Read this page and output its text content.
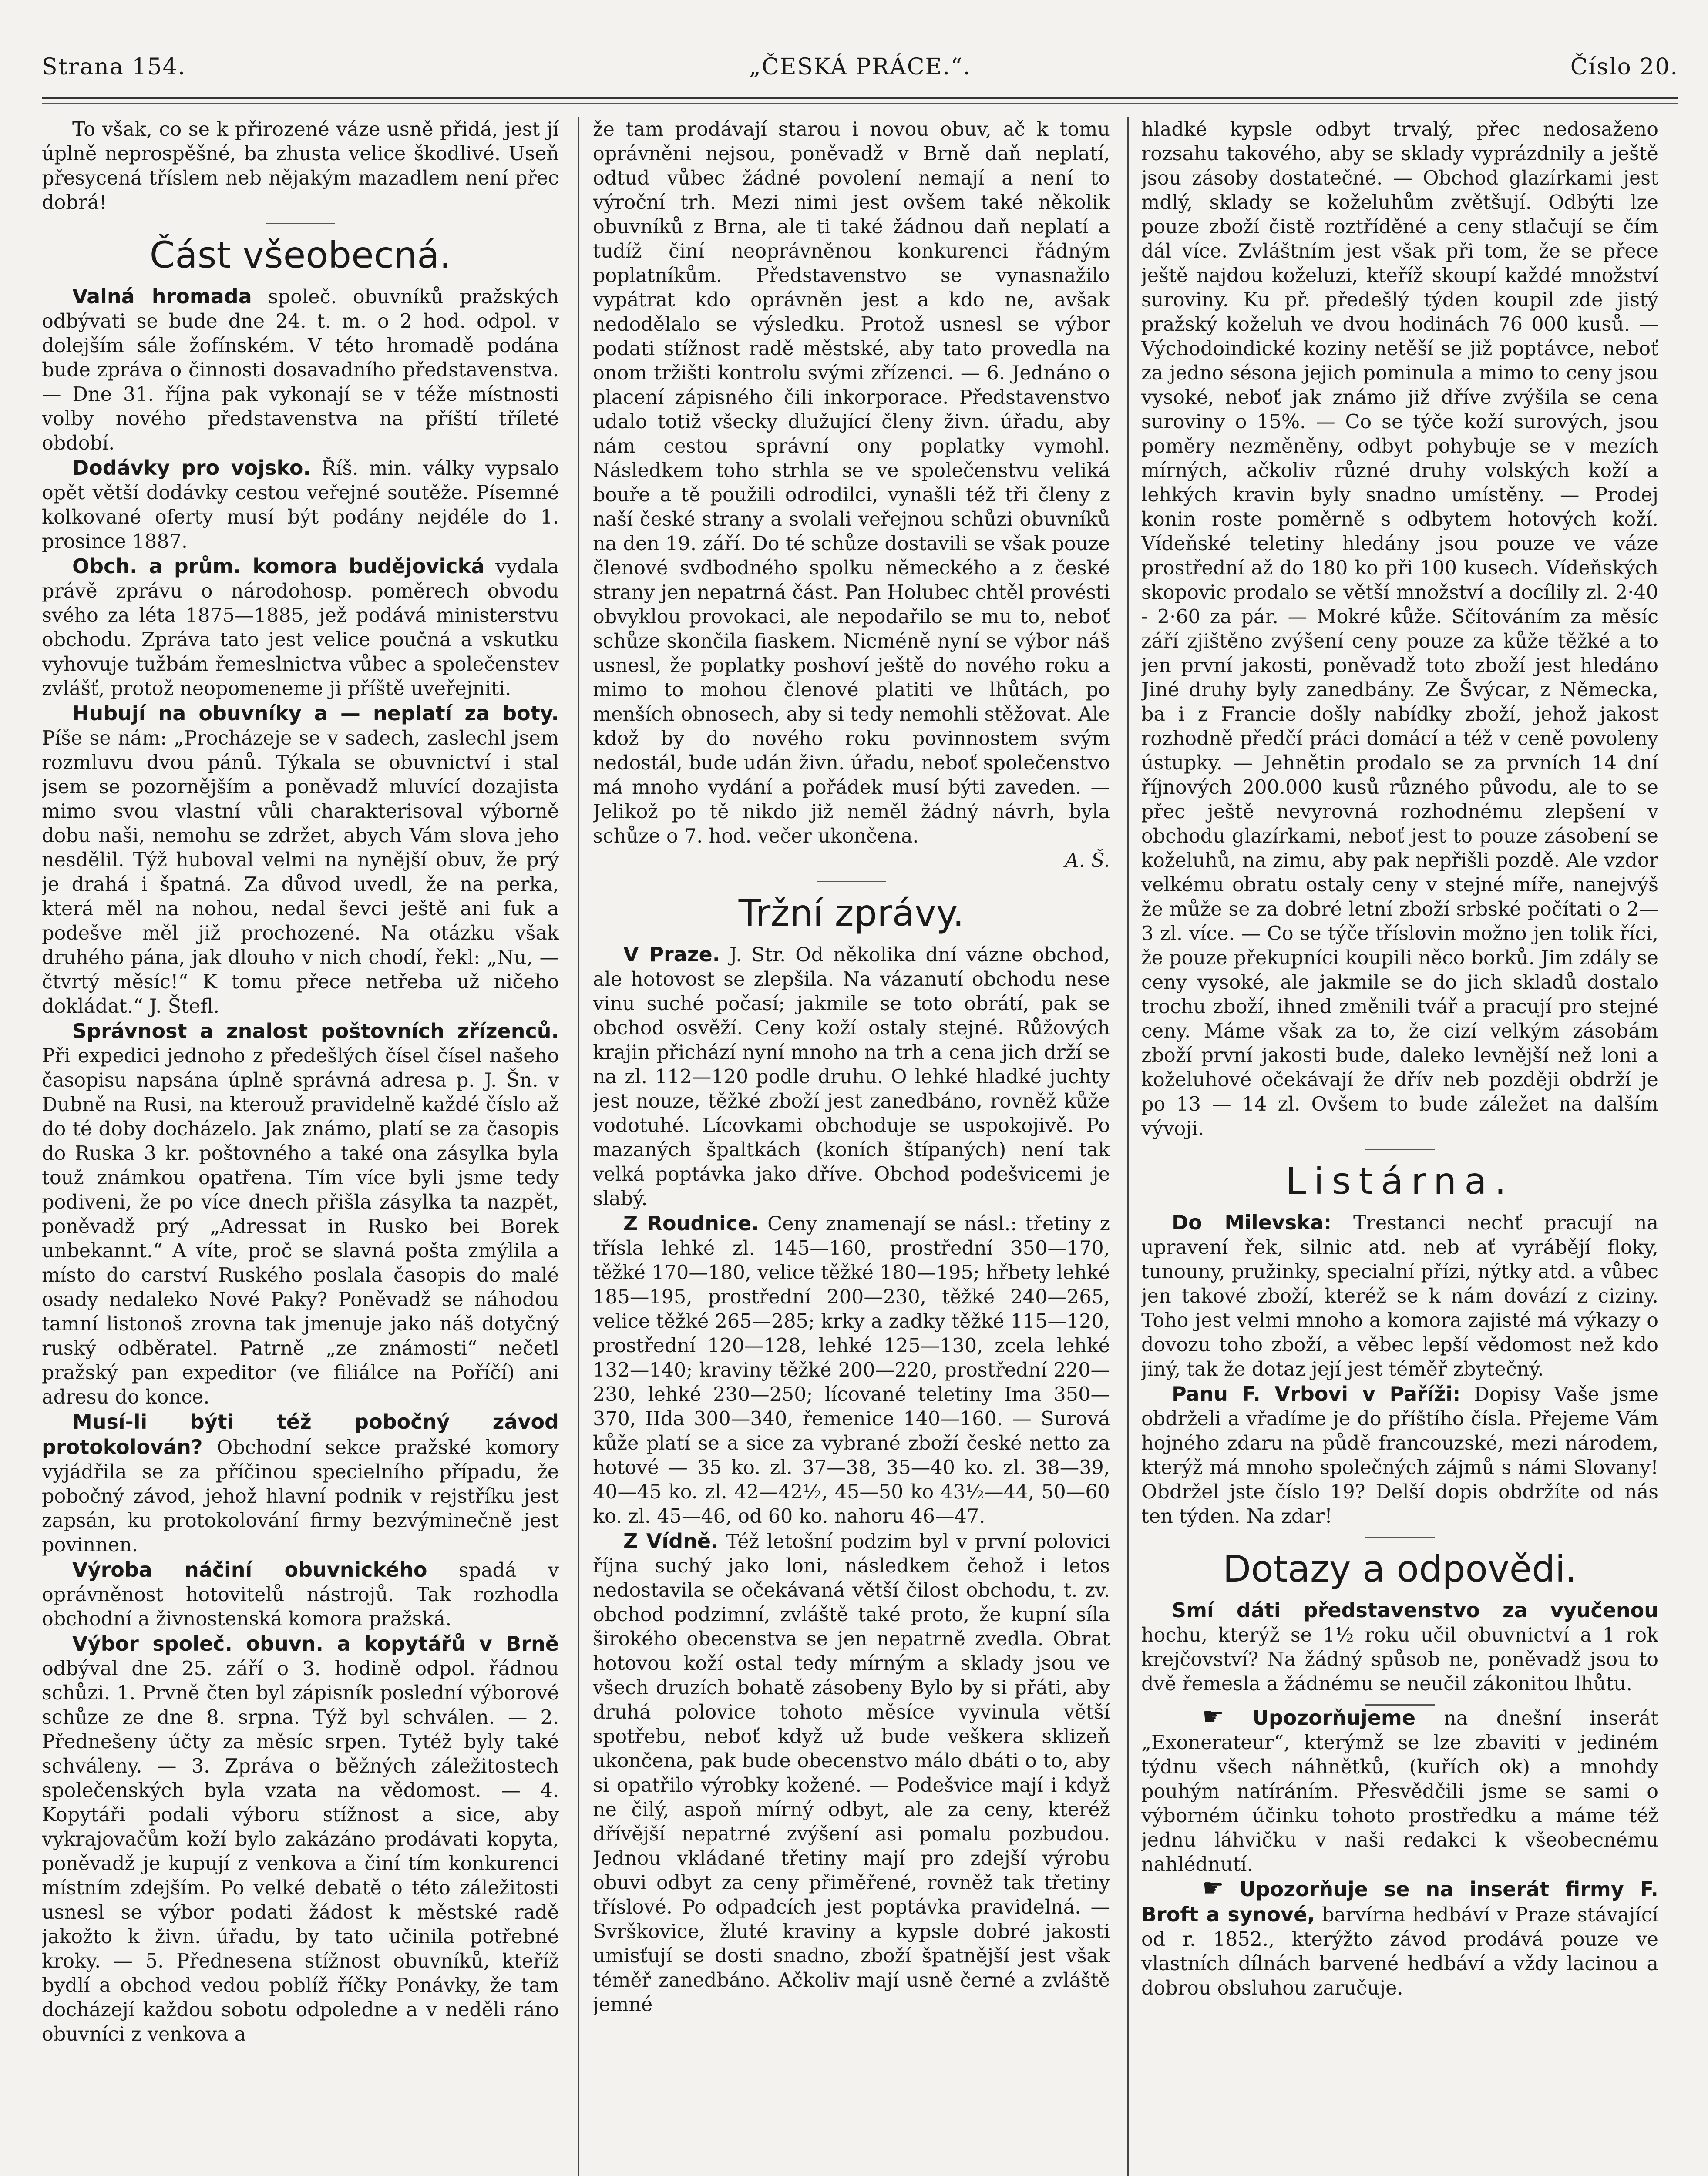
Strana 154.	„ČESKÁ PRÁCE.“.	Číslo 20.

To však, co se k přirozené váze usně přidá, jest jí úplně neprospěšné, ba zhusta velice škodlivé. Useň přesycená tříslem neb nějakým mazadlem není přec dobrá!

Část všeobecná.

Valná hromada společ. obuvníků pražských odbývati se bude dne 24. t. m. o 2 hod. odpol. v dolejším sále žofínském. V této hromadě podána bude zpráva o činnosti dosavadního představenstva. — Dne 31. října pak vykonají se v téže místnosti volby nového představenstva na příští tříleté období.

Dodávky pro vojsko. Říš. min. války vypsalo opět větší dodávky cestou veřejné soutěže. Písemné kolkované oferty musí být podány nejdéle do 1. prosince 1887.

Obch. a prům. komora budějovická vydala právě zprávu o národohosp. poměrech obvodu svého za léta 1875—1885, jež podává ministerstvu obchodu. Zpráva tato jest velice poučná a vskutku vyhovuje tužbám řemeslnictva vůbec a společenstev zvlášť, protož neopomeneme ji příště uveřejniti.

Hubují na obuvníky a — neplatí za boty. Píše se nám: „Procházeje se v sadech, zaslechl jsem rozmluvu dvou pánů. Týkala se obuvnictví i stal jsem se pozornějším a poněvadž mluvící dozajista mimo svou vlastní vůli charakterisoval výborně dobu naši, nemohu se zdržet, abych Vám slova jeho nesdělil. Týž huboval velmi na nynější obuv, že prý je drahá i špatná. Za důvod uvedl, že na perka, která měl na nohou, nedal ševci ještě ani fuk a podešve měl již prochozené. Na otázku však druhého pána, jak dlouho v nich chodí, řekl: „Nu, — čtvrtý měsíc!“ K tomu přece netřeba už ničeho dokládat.“ J. Štefl.

Správnost a znalost poštovních zřízenců. Při expedici jednoho z předešlých čísel čísel našeho časopisu napsána úplně správná adresa p. J. Šn. v Dubně na Rusi, na kterouž pravidelně každé číslo až do té doby docházelo. Jak známo, platí se za časopis do Ruska 3 kr. poštovného a také ona zásylka byla touž známkou opatřena. Tím více byli jsme tedy podiveni, že po více dnech přišla zásylka ta nazpět, poněvadž prý „Adressat in Rusko bei Borek unbekannt.“ A víte, proč se slavná pošta zmýlila a místo do carství Ruského poslala časopis do malé osady nedaleko Nové Paky? Poněvadž se náhodou tamní listonoš zrovna tak jmenuje jako náš dotyčný ruský odběratel. Patrně „ze známosti“ nečetl pražský pan expeditor (ve filiálce na Poříčí) ani adresu do konce.

Musí-li býti též pobočný závod protokolován? Obchodní sekce pražské komory vyjádřila se za příčinou specielního případu, že pobočný závod, jehož hlavní podnik v rejstříku jest zapsán, ku protokolování firmy bezvýminečně jest povinnen.

Výroba náčiní obuvnického spadá v oprávněnost hotovitelů nástrojů. Tak rozhodla obchodní a živnostenská komora pražská.

Výbor společ. obuvn. a kopytářů v Brně odbýval dne 25. září o 3. hodině odpol. řádnou schůzi. 1. Prvně čten byl zápisník poslední výborové schůze ze dne 8. srpna. Týž byl schválen. — 2. Přednešeny účty za měsíc srpen. Tytéž byly také schváleny. — 3. Zpráva o běžných záležitostech společenských byla vzata na vědomost. — 4. Kopytáři podali výboru stížnost a sice, aby vykrajovačům koží bylo zakázáno prodávati kopyta, poněvadž je kupují z venkova a činí tím konkurenci místním zdejším. Po velké debatě o této záležitosti usnesl se výbor podati žádost k městské radě jakožto k živn. úřadu, by tato učinila potřebné kroky. — 5. Přednesena stížnost obuvníků, kteříž bydlí a obchod vedou poblíž říčky Ponávky, že tam docházejí každou sobotu odpoledne a v neděli ráno obuvníci z venkova a

že tam prodávají starou i novou obuv, ač k tomu oprávněni nejsou, poněvadž v Brně daň neplatí, odtud vůbec žádné povolení nemají a není to výroční trh. Mezi nimi jest ovšem také několik obuvníků z Brna, ale ti také žádnou daň neplatí a tudíž činí neoprávněnou konkurenci řádným poplatníkům. Představenstvo se vynasnažilo vypátrat kdo oprávněn jest a kdo ne, avšak nedodělalo se výsledku. Protož usnesl se výbor podati stížnost radě městské, aby tato provedla na onom tržišti kontrolu svými zřízenci. — 6. Jednáno o placení zápisného čili inkorporace. Představenstvo udalo totiž všecky dlužující členy živn. úřadu, aby nám cestou správní ony poplatky vymohl. Následkem toho strhla se ve společenstvu veliká bouře a tě použili odrodilci, vynašli též tři členy z naší české strany a svolali veřejnou schůzi obuvníků na den 19. září. Do té schůze dostavili se však pouze členové svdbodného spolku německého a z české strany jen nepatrná část. Pan Holubec chtěl provésti obvyklou provokaci, ale nepodařilo se mu to, neboť schůze skončila fiaskem. Nicméně nyní se výbor náš usnesl, že poplatky poshoví ještě do nového roku a mimo to mohou členové platiti ve lhůtách, po menších obnosech, aby si tedy nemohli stěžovat. Ale kdož by do nového roku povinnostem svým nedostál, bude udán živn. úřadu, neboť společenstvo má mnoho vydání a pořádek musí býti zaveden. — Jelikož po tě nikdo již neměl žádný návrh, byla schůze o 7. hod. večer ukončena.

A. Š.

Tržní zprávy.

V Praze. J. Str. Od několika dní vázne obchod, ale hotovost se zlepšila. Na vázanutí obchodu nese vinu suché počasí; jakmile se toto obrátí, pak se obchod osvěží. Ceny koží ostaly stejné. Růžových krajin přichází nyní mnoho na trh a cena jich drží se na zl. 112—120 podle druhu. O lehké hladké juchty jest nouze, těžké zboží jest zanedbáno, rovněž kůže vodotuhé. Lícovkami obchoduje se uspokojivě. Po mazaných špaltkách (koních štípaných) není tak velká poptávka jako dříve. Obchod podešvicemi je slabý.

Z Roudnice. Ceny znamenají se násl.: třetiny z třísla lehké zl. 145—160, prostřední 350—170, těžké 170—180, velice těžké 180—195; hřbety lehké 185—195, prostřední 200—230, těžké 240—265, velice těžké 265—285; krky a zadky těžké 115—120, prostřední 120—128, lehké 125—130, zcela lehké 132—140; kraviny těžké 200—220, prostřední 220—230, lehké 230—250; lícované teletiny Ima 350—370, IIda 300—340, řemenice 140—160. — Surová kůže platí se a sice za vybrané zboží české netto za hotové — 35 ko. zl. 37—38, 35—40 ko. zl. 38—39, 40—45 ko. zl. 42—42½, 45—50 ko 43½—44, 50—60 ko. zl. 45—46, od 60 ko. nahoru 46—47.

Z Vídně. Též letošní podzim byl v první polovici října suchý jako loni, následkem čehož i letos nedostavila se očekávaná větší čilost obchodu, t. zv. obchod podzimní, zvláště také proto, že kupní síla širokého obecenstva se jen nepatrně zvedla. Obrat hotovou koží ostal tedy mírným a sklady jsou ve všech druzích bohatě zásobeny Bylo by si přáti, aby druhá polovice tohoto měsíce vyvinula větší spotřebu, neboť když už bude veškera sklizeň ukončena, pak bude obecenstvo málo dbáti o to, aby si opatřilo výrobky kožené. — Podešvice mají i když ne čilý, aspoň mírný odbyt, ale za ceny, kteréž dřívější nepatrné zvýšení asi pomalu pozbudou. Jednou vkládané třetiny mají pro zdejší výrobu obuvi odbyt za ceny přiměřené, rovněž tak třetiny tříslové. Po odpadcích jest poptávka pravidelná. — Svrškovice, žluté kraviny a kypsle dobré jakosti umisťují se dosti snadno, zboží špatnější jest však téměř zanedbáno. Ačkoliv mají usně černé a zvláště jemné

hladké kypsle odbyt trvalý, přec nedosaženo rozsahu takového, aby se sklady vyprázdnily a ještě jsou zásoby dostatečné. — Obchod glazírkami jest mdlý, sklady se koželuhům zvětšují. Odbýti lze pouze zboží čistě roztříděné a ceny stlačují se čím dál více. Zvláštním jest však při tom, že se přece ještě najdou koželuzi, kteříž skoupí každé množství suroviny. Ku př. předešlý týden koupil zde jistý pražský koželuh ve dvou hodinách 76 000 kusů. — Východoindické koziny netěší se již poptávce, neboť za jedno sésona jejich pominula a mimo to ceny jsou vysoké, neboť jak známo již dříve zvýšila se cena suroviny o 15%. — Co se týče koží surových, jsou poměry nezměněny, odbyt pohybuje se v mezích mírných, ačkoliv různé druhy volských koží a lehkých kravin byly snadno umístěny. — Prodej konin roste poměrně s odbytem hotových koží. Vídeňské teletiny hledány jsou pouze ve váze prostřední až do 180 ko při 100 kusech. Vídeňských skopovic prodalo se větší množství a docílily zl. 2·40 - 2·60 za pár. — Mokré kůže. Sčítováním za měsíc září zjištěno zvýšení ceny pouze za kůže těžké a to jen první jakosti, poněvadž toto zboží jest hledáno Jiné druhy byly zanedbány. Ze Švýcar, z Německa, ba i z Francie došly nabídky zboží, jehož jakost rozhodně předčí práci domácí a též v ceně povoleny ústupky. — Jehnětin prodalo se za prvních 14 dní říjnových 200.000 kusů různého původu, ale to se přec ještě nevyrovná rozhodnému zlepšení v obchodu glazírkami, neboť jest to pouze zásobení se koželuhů, na zimu, aby pak nepřišli pozdě. Ale vzdor velkému obratu ostaly ceny v stejné míře, nanejvýš že může se za dobré letní zboží srbské počítati o 2—3 zl. více. — Co se týče tříslovin možno jen tolik říci, že pouze překupníci koupili něco borků. Jim zdály se ceny vysoké, ale jakmile se do jich skladů dostalo trochu zboží, ihned změnili tvář a pracují pro stejné ceny. Máme však za to, že cizí velkým zásobám zboží první jakosti bude, daleko levnější než loni a koželuhové očekávají že dřív neb později obdrží je po 13 — 14 zl. Ovšem to bude záležet na dalším vývoji.

Listárna.

Do Milevska: Trestanci nechť pracují na upravení řek, silnic atd. neb ať vyrábějí floky, tunouny, pružinky, specialní přízi, nýtky atd. a vůbec jen takové zboží, kteréž se k nám dovází z ciziny. Toho jest velmi mnoho a komora zajisté má výkazy o dovozu toho zboží, a věbec lepší vědomost než kdo jiný, tak že dotaz její jest téměř zbytečný.

Panu F. Vrbovi v Paříži: Dopisy Vaše jsme obdrželi a vřadíme je do příštího čísla. Přejeme Vám hojného zdaru na půdě francouzské, mezi národem, kterýž má mnoho společných zájmů s námi Slovany! Obdržel jste číslo 19? Delší dopis obdržíte od nás ten týden. Na zdar!

Dotazy a odpovědi.

Smí dáti představenstvo za vyučenou hochu, kterýž se 1½ roku učil obuvnictví a 1 rok krejčovství? Na žádný spůsob ne, poněvadž jsou to dvě řemesla a žádnému se neučil zákonitou lhůtu.

☛ Upozorňujeme na dnešní inserát „Exoneratеur“, kterýmž se lze zbaviti v jediném týdnu všech náhnětků, (kuřích ok) a mnohdy pouhým natíráním. Přesvědčili jsme se sami o výborném účinku tohoto prostředku a máme též jednu láhvičku v naši redakci k všeobecnému nahlédnutí.

☛ Upozorňuje se na inserát firmy F. Broft a synové, barvírna hedbáví v Praze stávající od r. 1852., kterýžto závod prodává pouze ve vlastních dílnách barvené hedbáví a vždy lacinou a dobrou obsluhou zaručuje.
